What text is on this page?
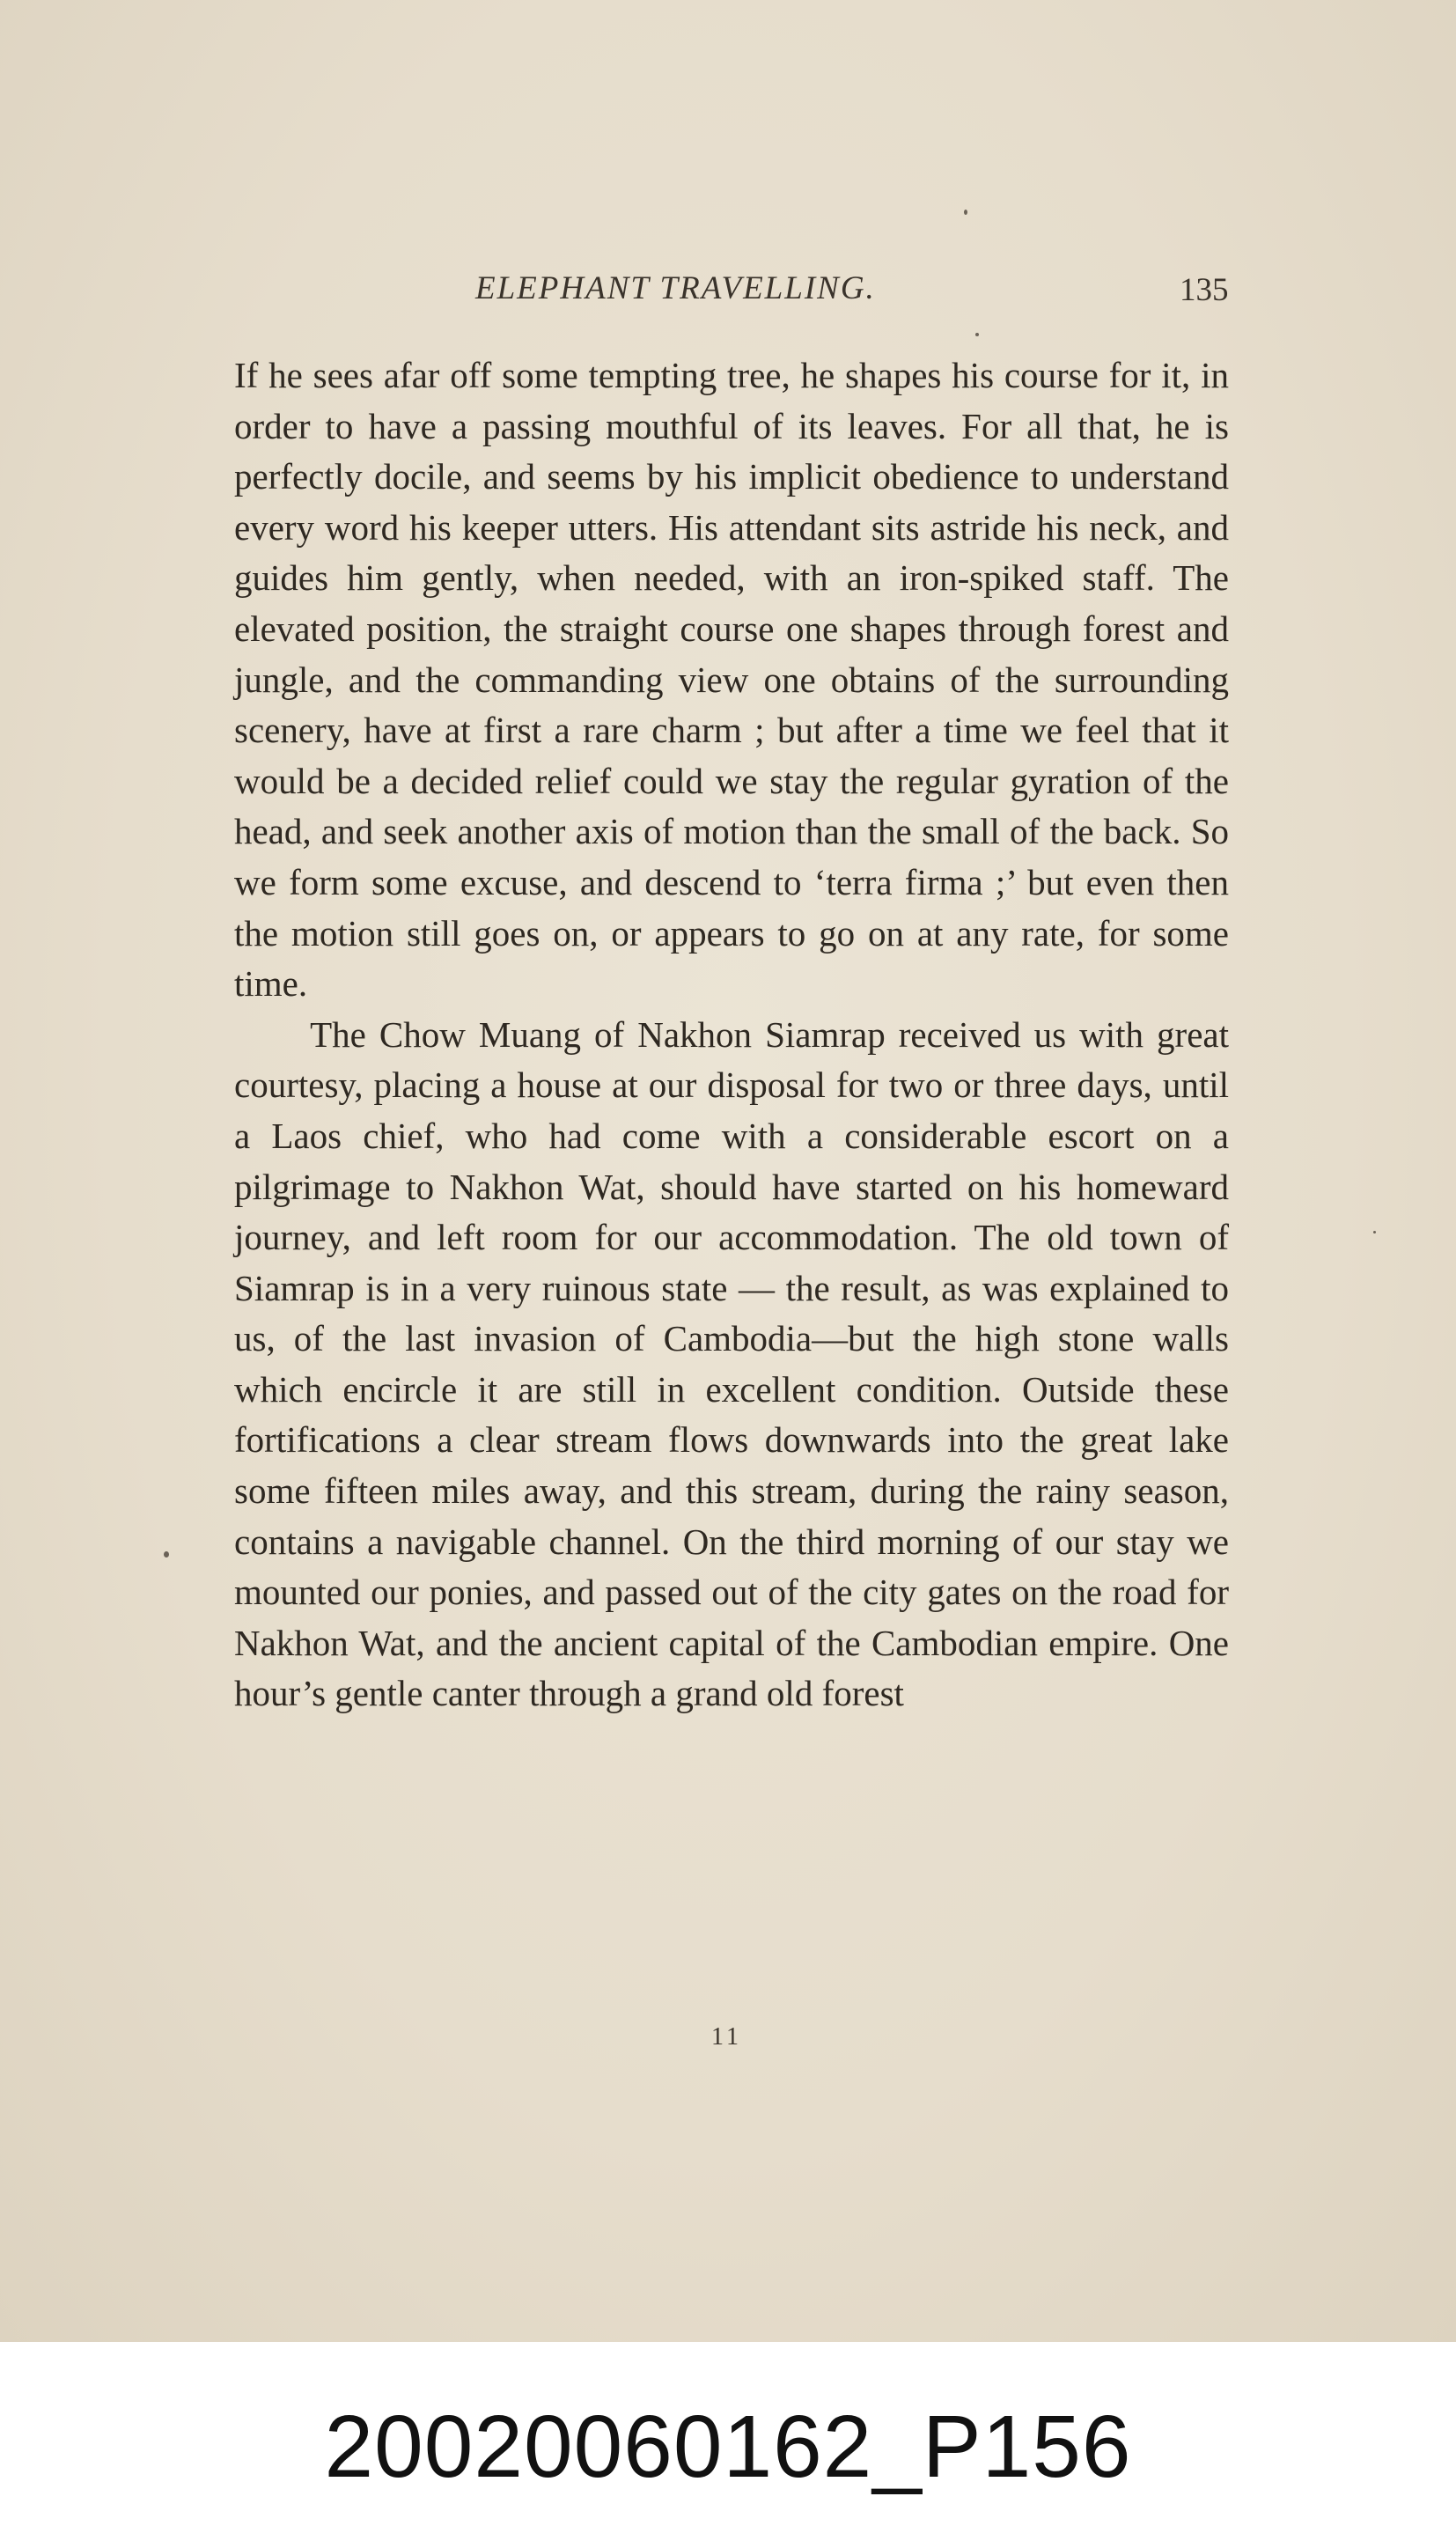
ELEPHANT TRAVELLING.	135

If he sees afar off some tempting tree, he shapes his course for it, in order to have a passing mouthful of its leaves. For all that, he is perfectly docile, and seems by his implicit obedience to understand every word his keeper utters. His attendant sits astride his neck, and guides him gently, when needed, with an iron-spiked staff. The elevated position, the straight course one shapes through forest and jungle, and the commanding view one obtains of the surrounding scenery, have at first a rare charm ; but after a time we feel that it would be a decided relief could we stay the regular gyration of the head, and seek another axis of motion than the small of the back. So we form some excuse, and descend to ‘terra firma ;’ but even then the motion still goes on, or appears to go on at any rate, for some time.

The Chow Muang of Nakhon Siamrap received us with great courtesy, placing a house at our disposal for two or three days, until a Laos chief, who had come with a considerable escort on a pilgrimage to Nakhon Wat, should have started on his homeward journey, and left room for our accommodation. The old town of Siamrap is in a very ruinous state — the result, as was explained to us, of the last invasion of Cambodia—but the high stone walls which encircle it are still in excellent condition. Outside these fortifications a clear stream flows downwards into the great lake some fifteen miles away, and this stream, during the rainy season, contains a navigable channel. On the third morning of our stay we mounted our ponies, and passed out of the city gates on the road for Nakhon Wat, and the ancient capital of the Cambodian empire. One hour’s gentle canter through a grand old forest

11
20020060162_P156
